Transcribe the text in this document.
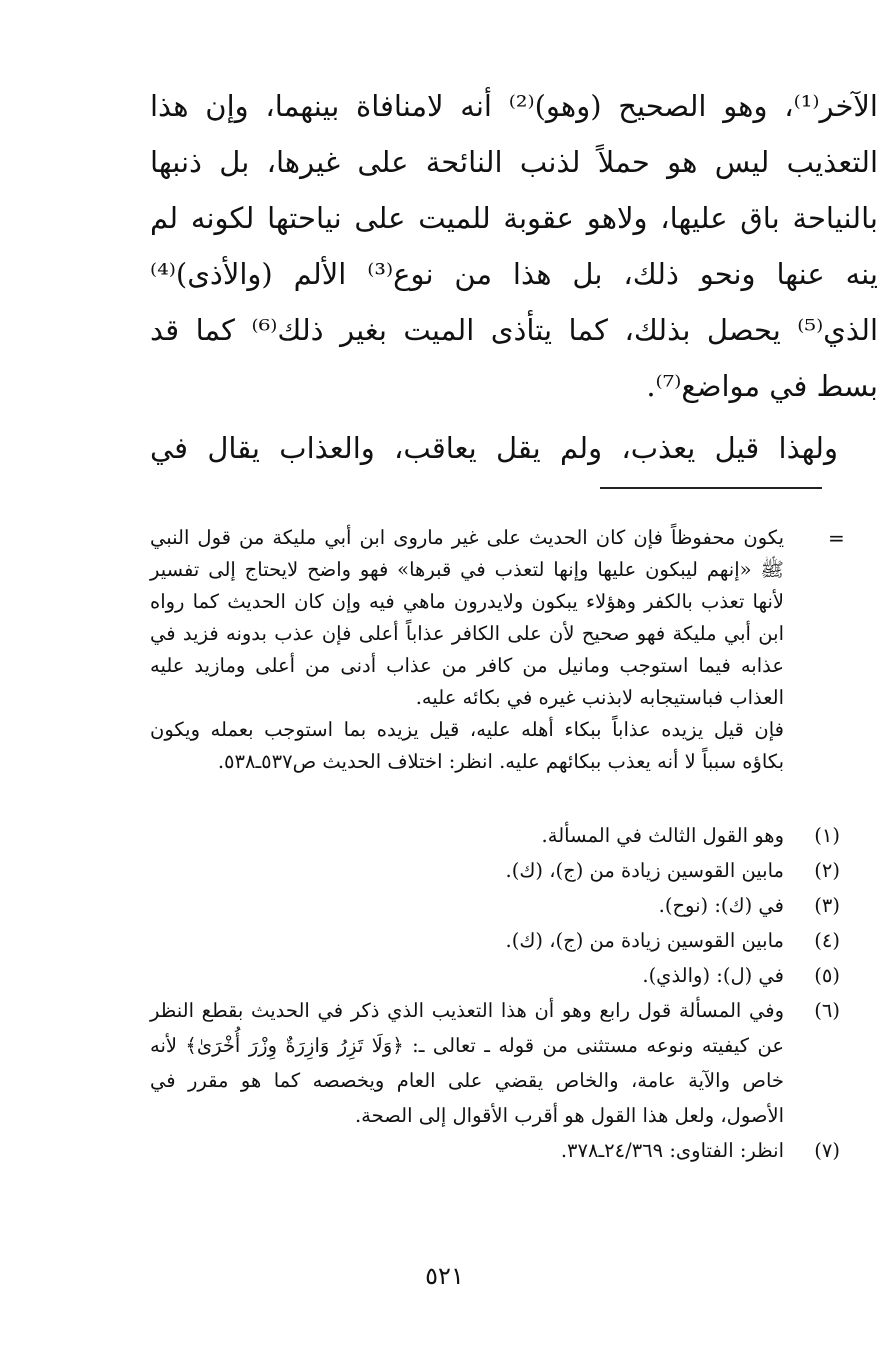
الآخر⁽¹⁾، وهو الصحيح (وهو)⁽²⁾ أنه لامنافاة بينهما، وإن هذا
التعذيب ليس هو حملاً لذنب النائحة على غيرها، بل ذنبها
بالنياحة باق عليها، ولاهو عقوبة للميت على نياحتها لكونه لم
ينه عنها ونحو ذلك، بل هذا من نوع⁽³⁾ الألم (والأذى)⁽⁴⁾
الذي⁽⁵⁾ يحصل بذلك، كما يتأذى الميت بغير ذلك⁽⁶⁾ كما قد
بسط في مواضع⁽⁷⁾.
ولهذا قيل يعذب، ولم يقل يعاقب، والعذاب يقال في
=
يكون محفوظاً فإن كان الحديث على غير ماروى ابن أبي مليكة من قول النبي
ﷺ «إنهم ليبكون عليها وإنها لتعذب في قبرها» فهو واضح لايحتاج إلى تفسير
لأنها تعذب بالكفر وهؤلاء يبكون ولايدرون ماهي فيه وإن كان الحديث كما رواه
ابن أبي مليكة فهو صحيح لأن على الكافر عذاباً أعلى فإن عذب بدونه فزيد في
عذابه فيما استوجب ومانيل من كافر من عذاب أدنى من أعلى ومازيد عليه
العذاب فباستيجابه لابذنب غيره في بكائه عليه.
فإن قيل يزيده عذاباً ببكاء أهله عليه، قيل يزيده بما استوجب بعمله ويكون
بكاؤه سبباً لا أنه يعذب ببكائهم عليه. انظر: اختلاف الحديث ص٥٣٧ـ٥٣٨.
(١)
وهو القول الثالث في المسألة.
(٢)
مابين القوسين زيادة من (ج)، (ك).
(٣)
في (ك): (نوح).
(٤)
مابين القوسين زيادة من (ج)، (ك).
(٥)
في (ل): (والذي).
(٦)
وفي المسألة قول رابع وهو أن هذا التعذيب الذي ذكر في الحديث بقطع النظر
عن كيفيته ونوعه مستثنى من قوله ـ تعالى ـ: ﴿وَلَا تَزِرُ وَازِرَةٌ وِزْرَ أُخْرَىٰ﴾ لأنه
خاص والآية عامة، والخاص يقضي على العام ويخصصه كما هو مقرر في
الأصول، ولعل هذا القول هو أقرب الأقوال إلى الصحة.
(٧)
انظر: الفتاوى: ٢٤/٣٦٩ـ٣٧٨.
٥٢١
